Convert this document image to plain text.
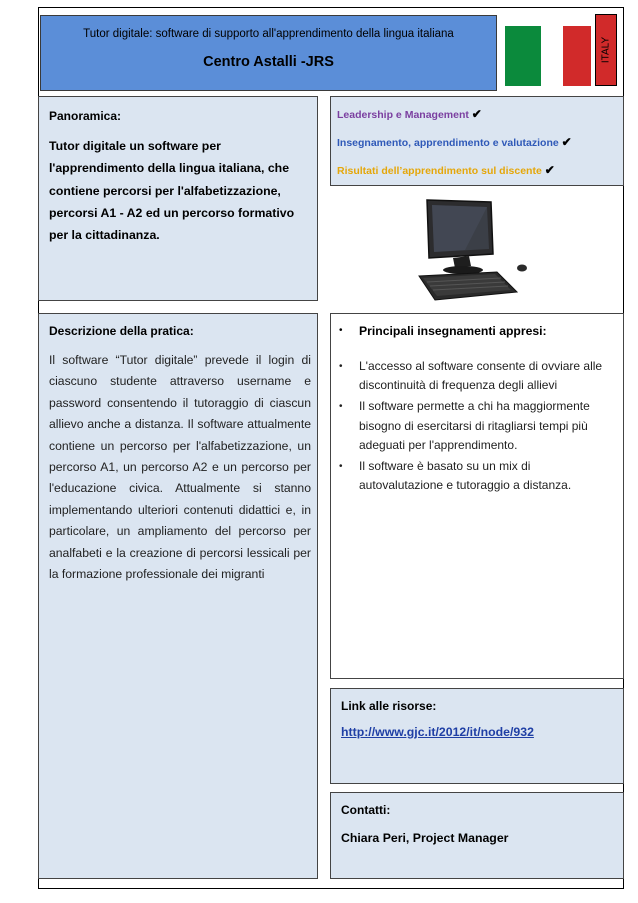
Tutor digitale: software di supporto all'apprendimento della lingua italiana
Centro Astalli -JRS	ITALY
Panoramica:
Tutor digitale un software per l'apprendimento della lingua italiana, che contiene percorsi per l'alfabetizzazione, percorsi A1 - A2 ed un percorso formativo per la cittadinanza.
Leadership e Management ✔
Insegnamento, apprendimento e valutazione ✔
Risultati dell’apprendimento sul discente ✔
Descrizione della pratica:
Il software “Tutor digitale” prevede il login di ciascuno studente attraverso username e password consentendo il tutoraggio di ciascun allievo anche a distanza. Il software attualmente contiene un percorso per l'alfabetizzazione, un percorso A1, un percorso A2 e un percorso per l'educazione civica. Attualmente si stanno implementando ulteriori contenuti didattici e, in particolare, un ampliamento del percorso per analfabeti e la creazione di percorsi lessicali per la formazione professionale dei migranti
• Principali insegnamenti appresi:
• L'accesso al software consente di ovviare alle discontinuità di frequenza degli allievi
• Il software permette a chi ha maggiormente bisogno di esercitarsi di ritagliarsi tempi più adeguati per l'apprendimento.
• Il software è basato su un mix di autovalutazione e tutoraggio a distanza.
Link alle risorse:
http://www.gjc.it/2012/it/node/932
Contatti:
Chiara Peri, Project Manager
